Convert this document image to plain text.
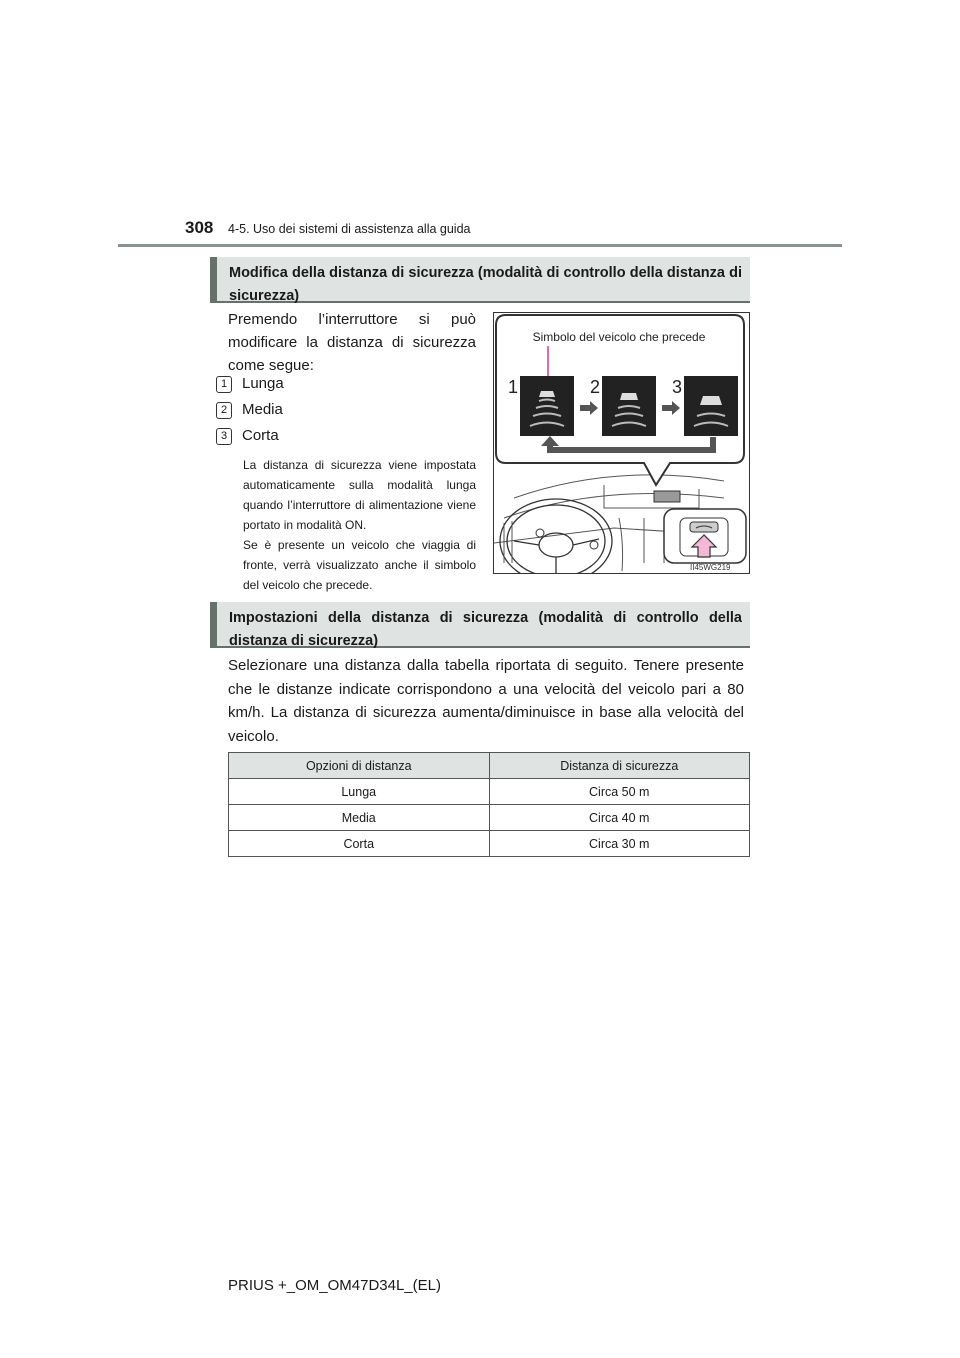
308 4-5. Uso dei sistemi di assistenza alla guida
Modifica della distanza di sicurezza (modalità di controllo della distanza di sicurezza)
Premendo l’interruttore si può modificare la distanza di sicurezza come segue:
1 Lunga
2 Media
3 Corta
La distanza di sicurezza viene impostata automaticamente sulla modalità lunga quando l’interruttore di alimentazione viene portato in modalità ON.
Se è presente un veicolo che viaggia di fronte, verrà visualizzato anche il simbolo del veicolo che precede.
II45WG219
Simbolo del veicolo che precede
1	2	3
Impostazioni della distanza di sicurezza (modalità di controllo della distanza di sicurezza)
Selezionare una distanza dalla tabella riportata di seguito. Tenere presente che le distanze indicate corrispondono a una velocità del veicolo pari a 80 km/h. La distanza di sicurezza aumenta/diminuisce in base alla velocità del veicolo.
Opzioni di distanza	Distanza di sicurezza
Lunga	Circa 50 m
Media	Circa 40 m
Corta	Circa 30 m
PRIUS +_OM_OM47D34L_(EL)
